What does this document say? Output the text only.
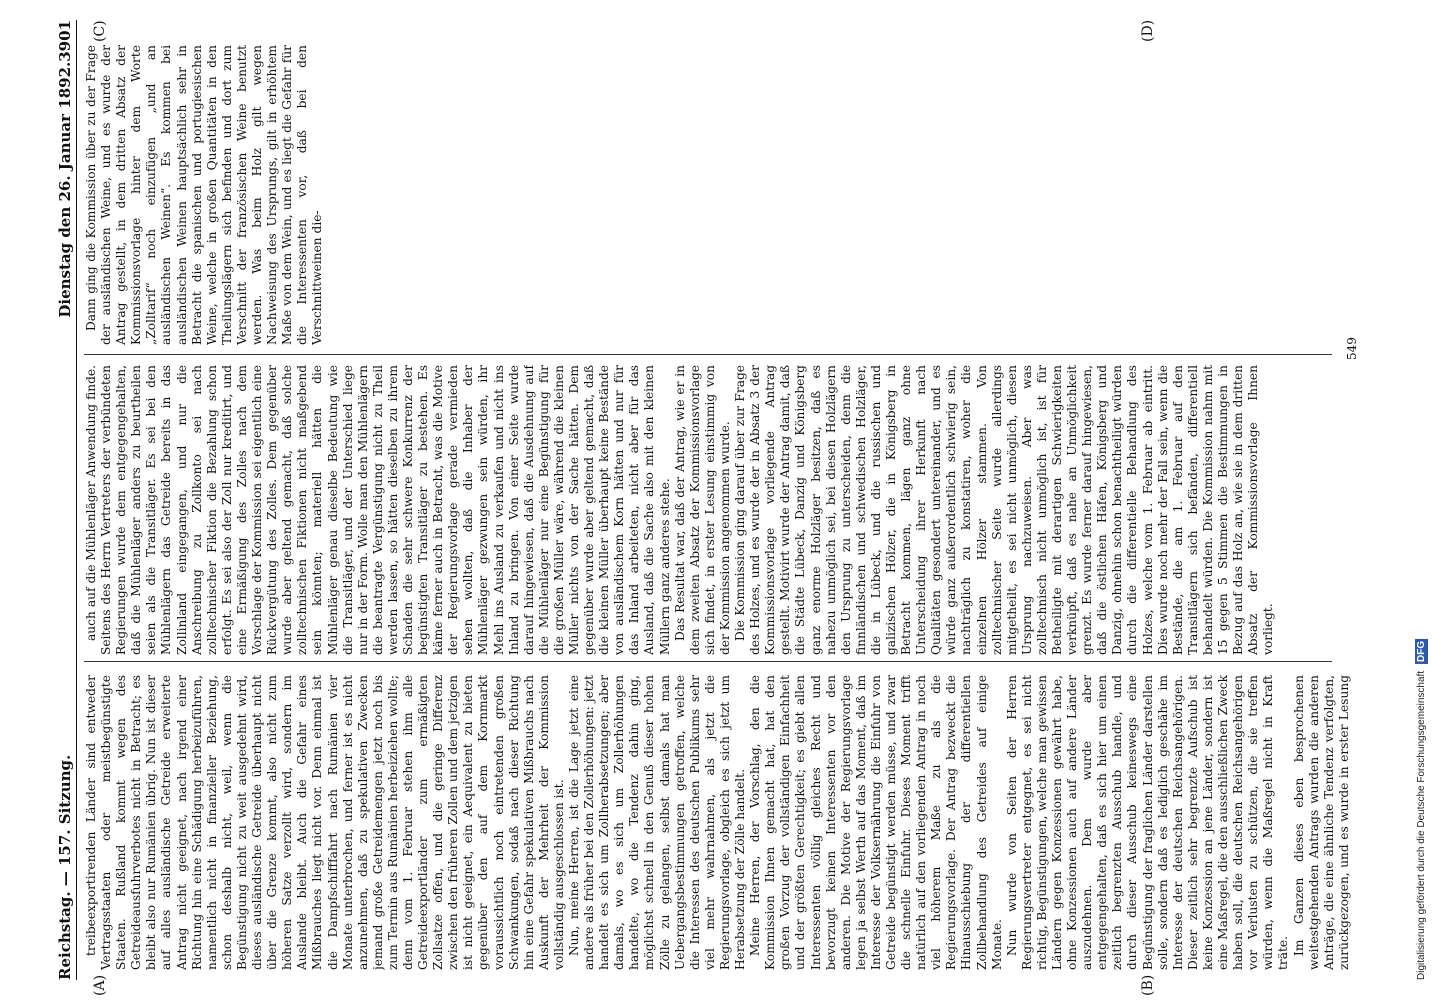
Reichstag. — 157. Sitzung.
Dienstag den 26. Januar 1892.
3901
(A)	(B)
(C)	(D)

treibeexportirenden Länder sind entweder Vertragsstaaten oder meistbegünstigte Staaten. Rußland kommt wegen des Getreideausfuhrverbotes nicht in Betracht; es bleibt also nur Rumänien übrig. Nun ist dieser auf alles ausländische Getreide erweiterte Antrag nicht geeignet, nach irgend einer Richtung hin eine Schädigung herbeizuführen, namentlich nicht in finanzieller Beziehung, schon deshalb nicht, weil, wenn die Begünstigung nicht zu weit ausgedehnt wird, dieses ausländische Getreide überhaupt nicht über die Grenze kommt, also nicht zum höheren Satze verzollt wird, sondern im Auslande bleibt. Auch die Gefahr eines Mißbrauches liegt nicht vor. Denn einmal ist die Dampfschifffahrt nach Rumänien vier Monate unterbrochen, und ferner ist es nicht anzunehmen, daß zu spekulativen Zwecken jemand große Getreidemengen jetzt noch bis zum Termin aus Rumänien herbeiziehen wollte; denn vom 1. Februar stehen ihm alle Getreideexportländer zum ermäßigten Zollsatze offen, und die geringe Differenz zwischen den früheren Zollen und dem jetzigen ist nicht geeignet, ein Aequivalent zu bieten gegenüber den auf dem Kornmarkt voraussichtlich noch eintretenden großen Schwankungen, sodaß nach dieser Richtung hin eine Gefahr spekulativen Mißbrauchs nach Auskunft der Mehrheit der Kommission vollständig ausgeschlossen ist. Nun, meine Herren, ist die Lage jetzt eine andere als früher bei den Zollerhöhungen: jetzt handelt es sich um Zollherabsetzungen; aber damals, wo es sich um Zollerhöhungen handelte, wo die Tendenz dahin ging, möglichst schnell in den Genuß dieser hohen Zölle zu gelangen, selbst damals hat man Uebergangsbestimmungen getroffen, welche die Interessen des deutschen Publikums sehr viel mehr wahrnahmen, als jetzt die Regierungsvorlage, obgleich es sich jetzt um Herabsetzung der Zölle handelt. Meine Herren, der Vorschlag, den die Kommission Ihnen gemacht hat, hat den großen Vorzug der vollständigen Einfachheit und der größten Gerechtigkeit; es giebt allen Interessenten völlig gleiches Recht und bevorzugt keinen Interessenten vor den anderen. Die Motive der Regierungsvorlage legen ja selbst Werth auf das Moment, daß im Interesse der Volksernährung die Einfuhr von Getreide begünstigt werden müsse, und zwar die schnelle Einfuhr. Dieses Moment trifft natürlich auf den vorliegenden Antrag in noch viel höherem Maße zu als die Regierungsvorlage. Der Antrag bezweckt die Hinausschiebung der differentiellen Zollbehandlung des Getreides auf einige Monate. Nun wurde von Seiten der Herren Regierungsvertreter entgegnet, es sei nicht richtig, Begünstigungen, welche man gewissen Ländern gegen Konzessionen gewährt habe, ohne Konzessionen auch auf andere Länder auszudehnen. Dem wurde aber entgegengehalten, daß es sich hier um einen zeitlich begrenzten Ausschub handle, und durch dieser Ausschub keineswegs eine Begünstigung der fraglichen Länder darstellen solle, sondern daß es lediglich geschähe im Interesse der deutschen Reichsangehörigen. Dieser zeitlich sehr begrenzte Aufschub ist keine Konzession an jene Länder, sondern ist eine Maßregel, die den ausschließlichen Zweck haben soll, die deutschen Reichsangehörigen vor Verlusten zu schützen, die sie treffen würden, wenn die Maßregel nicht in Kraft träte. Im Ganzen dieses eben besprochenen weitestgehenden Antrags wurden die anderen Anträge, die eine ähnliche Tendenz verfolgten, zurückgezogen, und es wurde in erster Lesung

auch auf die Mühlenläger Anwendung finde. Seitens des Herrn Vertreters der verbündeten Regierungen wurde dem entgegengehalten, daß die Mühlenläger anders zu beurtheilen seien als die Transitläger. Es sei bei den Mühlenlägern das Getreide bereits in das Zollinland eingegangen, und nur die Anschreibung zu Zollkonto sei nach zolltechnischer Fiktion die Bezahlung schon erfolgt. Es sei also der Zoll nur kreditirt, und eine Ermäßigung des Zolles nach dem Vorschlage der Kommission sei eigentlich eine Rückvergütung des Zolles. Dem gegenüber wurde aber geltend gemacht, daß solche zolltechnischen Fiktionen nicht maßgebend sein könnten; materiell hätten die Mühlenläger genau dieselbe Bedeutung wie die Transitläger, und der Unterschied liege nur in der Form. Wolle man den Mühlenlägern die beantragte Vergünstigung nicht zu Theil werden lassen, so hätten dieselben zu ihrem Schaden die sehr schwere Konkurrenz der begünstigten Transitläger zu bestehen. Es käme ferner auch in Betracht, was die Motive der Regierungsvorlage gerade vermieden sehen wollten, daß die Inhaber der Mühlenläger gezwungen sein würden, ihr Mehl ins Ausland zu verkaufen und nicht ins Inland zu bringen. Von einer Seite wurde darauf hingewiesen, daß die Ausdehnung auf die Mühlenläger nur eine Begünstigung für die großen Müller wäre, während die kleinen Müller nichts von der Sache hätten. Dem gegenüber wurde aber geltend gemacht, daß die kleinen Müller überhaupt keine Bestände von ausländischem Korn hätten und nur für das Inland arbeiteten, nicht aber für das Ausland, daß die Sache also mit den kleinen Müllern ganz anderes stehe. Das Resultat war, daß der Antrag, wie er in dem zweiten Absatz der Kommissionsvorlage sich findet, in erster Lesung einstimmig von der Kommission angenommen wurde. Die Kommission ging darauf über zur Frage des Holzes, und es wurde der in Absatz 3 der Kommissionsvorlage vorliegende Antrag gestellt. Motivirt wurde der Antrag damit, daß die Städte Lübeck, Danzig und Königsberg ganz enorme Holzläger besitzen, daß es nahezu unmöglich sei, bei diesen Holzlägern den Ursprung zu unterscheiden, denn die finnländischen und schwedischen Holzläger, die in Lübeck, und die russischen und galizischen Hölzer, die in Königsberg in Betracht kommen, lägen ganz ohne Unterscheidung ihrer Herkunft nach Qualitäten gesondert untereinander, und es würde ganz außerordentlich schwierig sein, nachträglich zu konstatiren, woher die einzelnen Hölzer stammen. Von zolltechnischer Seite wurde allerdings mitgetheilt, es sei nicht unmöglich, diesen Ursprung nachzuweisen. Aber was zolltechnisch nicht unmöglich ist, ist für Betheiligte mit derartigen Schwierigkeiten verknüpft, daß es nahe an Unmöglichkeit grenzt. Es wurde ferner darauf hingewiesen, daß die östlichen Häfen, Königsberg und Danzig, ohnehin schon benachtheiligt würden durch die differentielle Behandlung des Holzes, welche vom 1. Februar ab eintritt. Dies wurde noch mehr der Fall sein, wenn die Bestände, die am 1. Februar auf den Transitlägern sich befänden, differentiell behandelt würden. Die Kommission nahm mit 15 gegen 5 Stimmen die Bestimmungen in Bezug auf das Holz an, wie sie in dem dritten Absatz der Kommissionsvorlage Ihnen vorliegt.

Dann ging die Kommission über zu der Frage der ausländischen Weine, und es wurde der Antrag gestellt, in dem dritten Absatz der Kommissionsvorlage hinter dem Worte „Zolltarif“ noch einzufügen „und an ausländischen Weinen“. Es kommen bei ausländischen Weinen hauptsächlich sehr in Betracht die spanischen und portugiesischen Weine, welche in großen Quantitäten in den Theilungslägern sich befinden und dort zum Verschnitt der französischen Weine benutzt werden. Was beim Holz gilt wegen Nachweisung des Ursprungs, gilt in erhöhtem Maße von dem Wein, und es liegt die Gefahr für die Interessenten vor, daß bei den Verschnittweinen die-

549
Digitalisierung gefördert durch die Deutsche Forschungsgemeinschaft DFG
